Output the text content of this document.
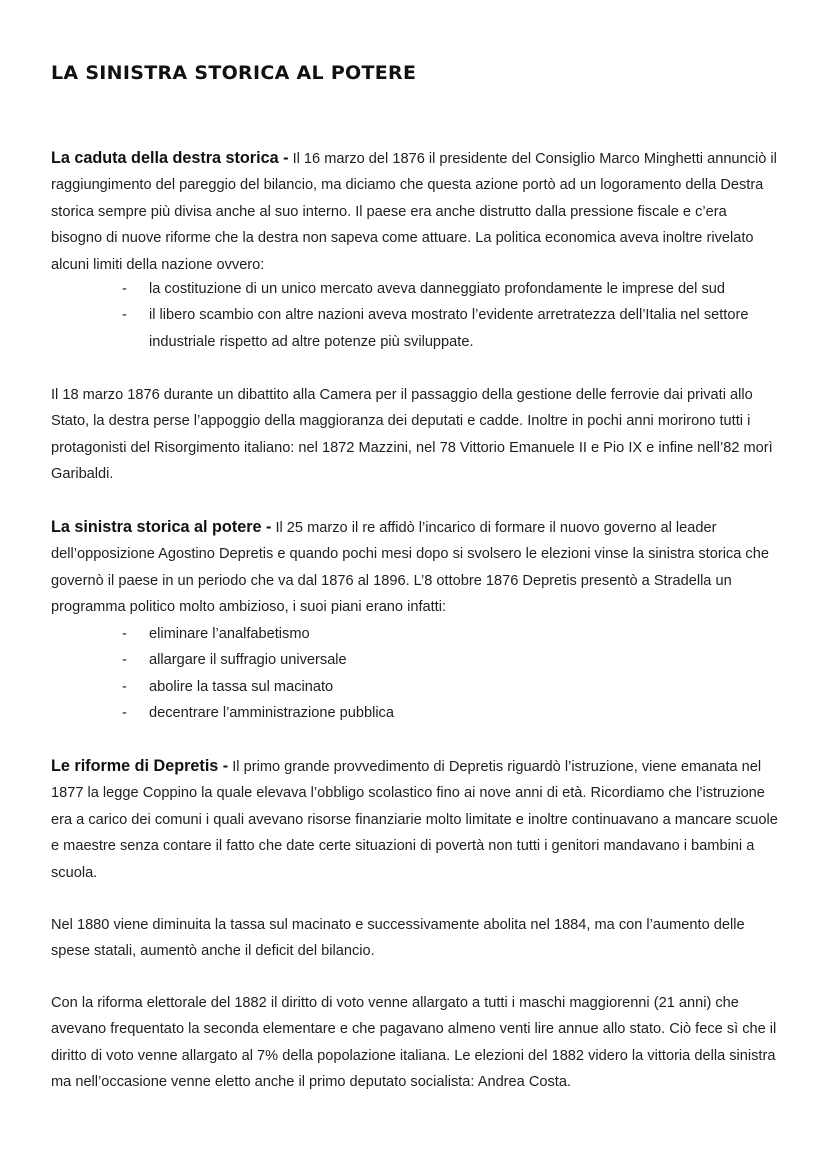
LA SINISTRA STORICA AL POTERE

La caduta della destra storica - Il 16 marzo del 1876 il presidente del Consiglio Marco Minghetti annunciò il raggiungimento del pareggio del bilancio, ma diciamo che questa azione portò ad un logoramento della Destra storica sempre più divisa anche al suo interno. Il paese era anche distrutto dalla pressione fiscale e c’era bisogno di nuove riforme che la destra non sapeva come attuare. La politica economica aveva inoltre rivelato alcuni limiti della nazione ovvero:

- la costituzione di un unico mercato aveva danneggiato profondamente le imprese del sud
- il libero scambio con altre nazioni aveva mostrato l’evidente arretratezza dell’Italia nel settore industriale rispetto ad altre potenze più sviluppate.

Il 18 marzo 1876 durante un dibattito alla Camera per il passaggio della gestione delle ferrovie dai privati allo Stato, la destra perse l’appoggio della maggioranza dei deputati e cadde. Inoltre in pochi anni morirono tutti i protagonisti del Risorgimento italiano: nel 1872 Mazzini, nel 78 Vittorio Emanuele II e Pio IX e infine nell’82 morì Garibaldi.

La sinistra storica al potere - Il 25 marzo il re affidò l’incarico di formare il nuovo governo al leader dell’opposizione Agostino Depretis e quando pochi mesi dopo si svolsero le elezioni vinse la sinistra storica che governò il paese in un periodo che va dal 1876 al 1896. L’8 ottobre 1876 Depretis presentò a Stradella un programma politico molto ambizioso, i suoi piani erano infatti:

- eliminare l’analfabetismo
- allargare il suffragio universale
- abolire la tassa sul macinato
- decentrare l’amministrazione pubblica

Le riforme di Depretis - Il primo grande provvedimento di Depretis riguardò l’istruzione, viene emanata nel 1877 la legge Coppino la quale elevava l’obbligo scolastico fino ai nove anni di età. Ricordiamo che l’istruzione era a carico dei comuni i quali avevano risorse finanziarie molto limitate e inoltre continuavano a mancare scuole e maestre senza contare il fatto che date certe situazioni di povertà non tutti i genitori mandavano i bambini a scuola.

Nel 1880 viene diminuita la tassa sul macinato e successivamente abolita nel 1884, ma con l’aumento delle spese statali, aumentò anche il deficit del bilancio.

Con la riforma elettorale del 1882 il diritto di voto venne allargato a tutti i maschi maggiorenni (21 anni) che avevano frequentato la seconda elementare e che pagavano almeno venti lire annue allo stato. Ciò fece sì che il diritto di voto venne allargato al 7% della popolazione italiana. Le elezioni del 1882 videro la vittoria della sinistra ma nell’occasione venne eletto anche il primo deputato socialista: Andrea Costa.
